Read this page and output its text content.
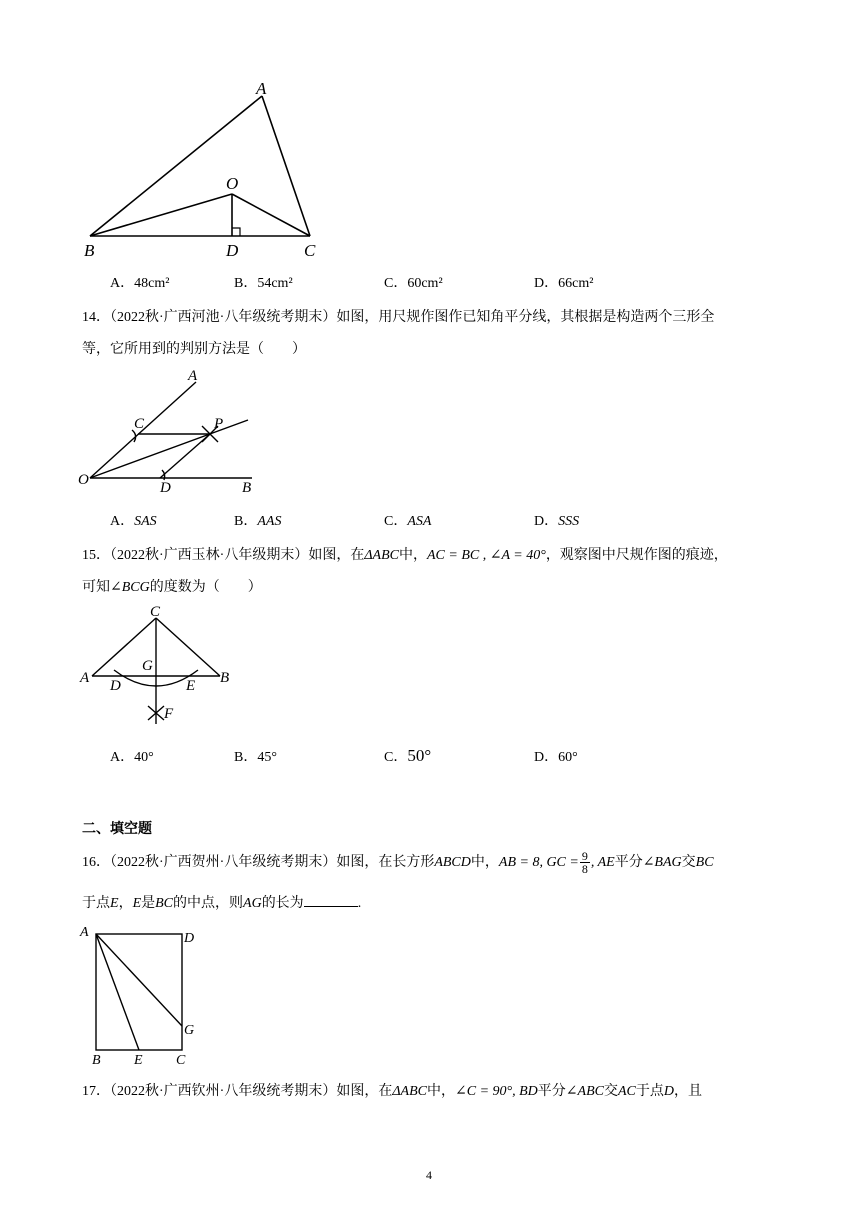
A
O
B	D	C
A．48cm²	B．54cm²	C．60cm²	D．66cm²
14．（2022秋·广西河池·八年级统考期末）如图，用尺规作图作已知角平分线，其根据是构造两个三形全
等，它所用到的判别方法是（　　）
A
C	P
O	D	B
A．SAS	B．AAS	C．ASA	D．SSS
15．（2022秋·广西玉林·八年级期末）如图，在ΔABC中，AC = BC , ∠A = 40°，观察图中尺规作图的痕迹，
可知∠BCG的度数为（　　）
C
G
A D	E B
F
A．40°	B．45°	C．50°	D．60°
二、填空题
16．（2022秋·广西贺州·八年级统考期末）如图，在长方形ABCD中，AB = 8, GC = $\frac{9}{8}$ , AE平分∠BAG交BC
于点E，E是BC的中点，则AG的长为	.
A	D
G
B E C
17．（2022秋·广西钦州·八年级统考期末）如图，在ΔABC中，∠C = 90°, BD平分∠ABC交AC于点D，且
4
